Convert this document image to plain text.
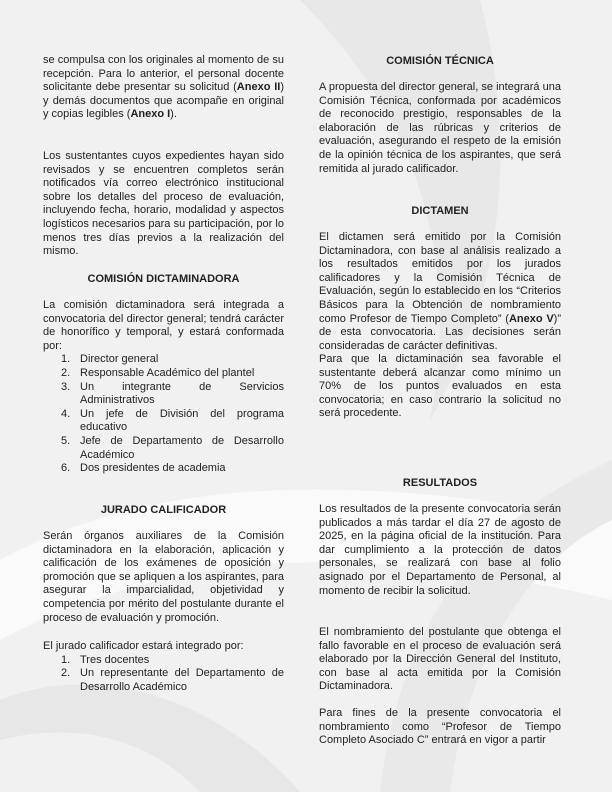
se compulsa con los originales al momento de su recepción. Para lo anterior, el personal docente solicitante debe presentar su solicitud (Anexo II) y demás documentos que acompañe en original y copias legibles (Anexo I).

Los sustentantes cuyos expedientes hayan sido revisados y se encuentren completos serán notificados vía correo electrónico institucional sobre los detalles del proceso de evaluación, incluyendo fecha, horario, modalidad y aspectos logísticos necesarios para su participación, por lo menos tres días previos a la realización del mismo.
COMISIÓN DICTAMINADORA

La comisión dictaminadora será integrada a convocatoria del director general; tendrá carácter de honorífico y temporal, y estará conformada por:

1. Director general
2. Responsable Académico del plantel
3. Un integrante de Servicios Administrativos
4. Un jefe de División del programa educativo
5. Jefe de Departamento de Desarrollo Académico
6. Dos presidentes de academia
JURADO CALIFICADOR
Serán órganos auxiliares de la Comisión dictaminadora en la elaboración, aplicación y calificación de los exámenes de oposición y promoción que se apliquen a los aspirantes, para asegurar la imparcialidad, objetividad y competencia por mérito del postulante durante el proceso de evaluación y promoción.

El jurado calificador estará integrado por:

1. Tres docentes
2. Un representante del Departamento de Desarrollo Académico
COMISIÓN TÉCNICA
A propuesta del director general, se integrará una Comisión Técnica, conformada por académicos de reconocido prestigio, responsables de la elaboración de las rúbricas y criterios de evaluación, asegurando el respeto de la emisión de la opinión técnica de los aspirantes, que será remitida al jurado calificador.
DICTAMEN

El dictamen será emitido por la Comisión Dictaminadora, con base al análisis realizado a los resultados emitidos por los jurados calificadores y la Comisión Técnica de Evaluación, según lo establecido en los “Criterios Básicos para la Obtención de nombramiento como Profesor de Tiempo Completo” (Anexo V)” de esta convocatoria. Las decisiones serán consideradas de carácter definitivas.

Para que la dictaminación sea favorable el sustentante deberá alcanzar como mínimo un 70% de los puntos evaluados en esta convocatoria; en caso contrario la solicitud no será procedente.
RESULTADOS
Los resultados de la presente convocatoria serán publicados a más tardar el día 27 de agosto de 2025, en la página oficial de la institución. Para dar cumplimiento a la protección de datos personales, se realizará con base al folio asignado por el Departamento de Personal, al momento de recibir la solicitud.
El nombramiento del postulante que obtenga el fallo favorable en el proceso de evaluación será elaborado por la Dirección General del Instituto, con base al acta emitida por la Comisión Dictaminadora.
Para fines de la presente convocatoria el nombramiento como “Profesor de Tiempo Completo Asociado C” entrará en vigor a partir
